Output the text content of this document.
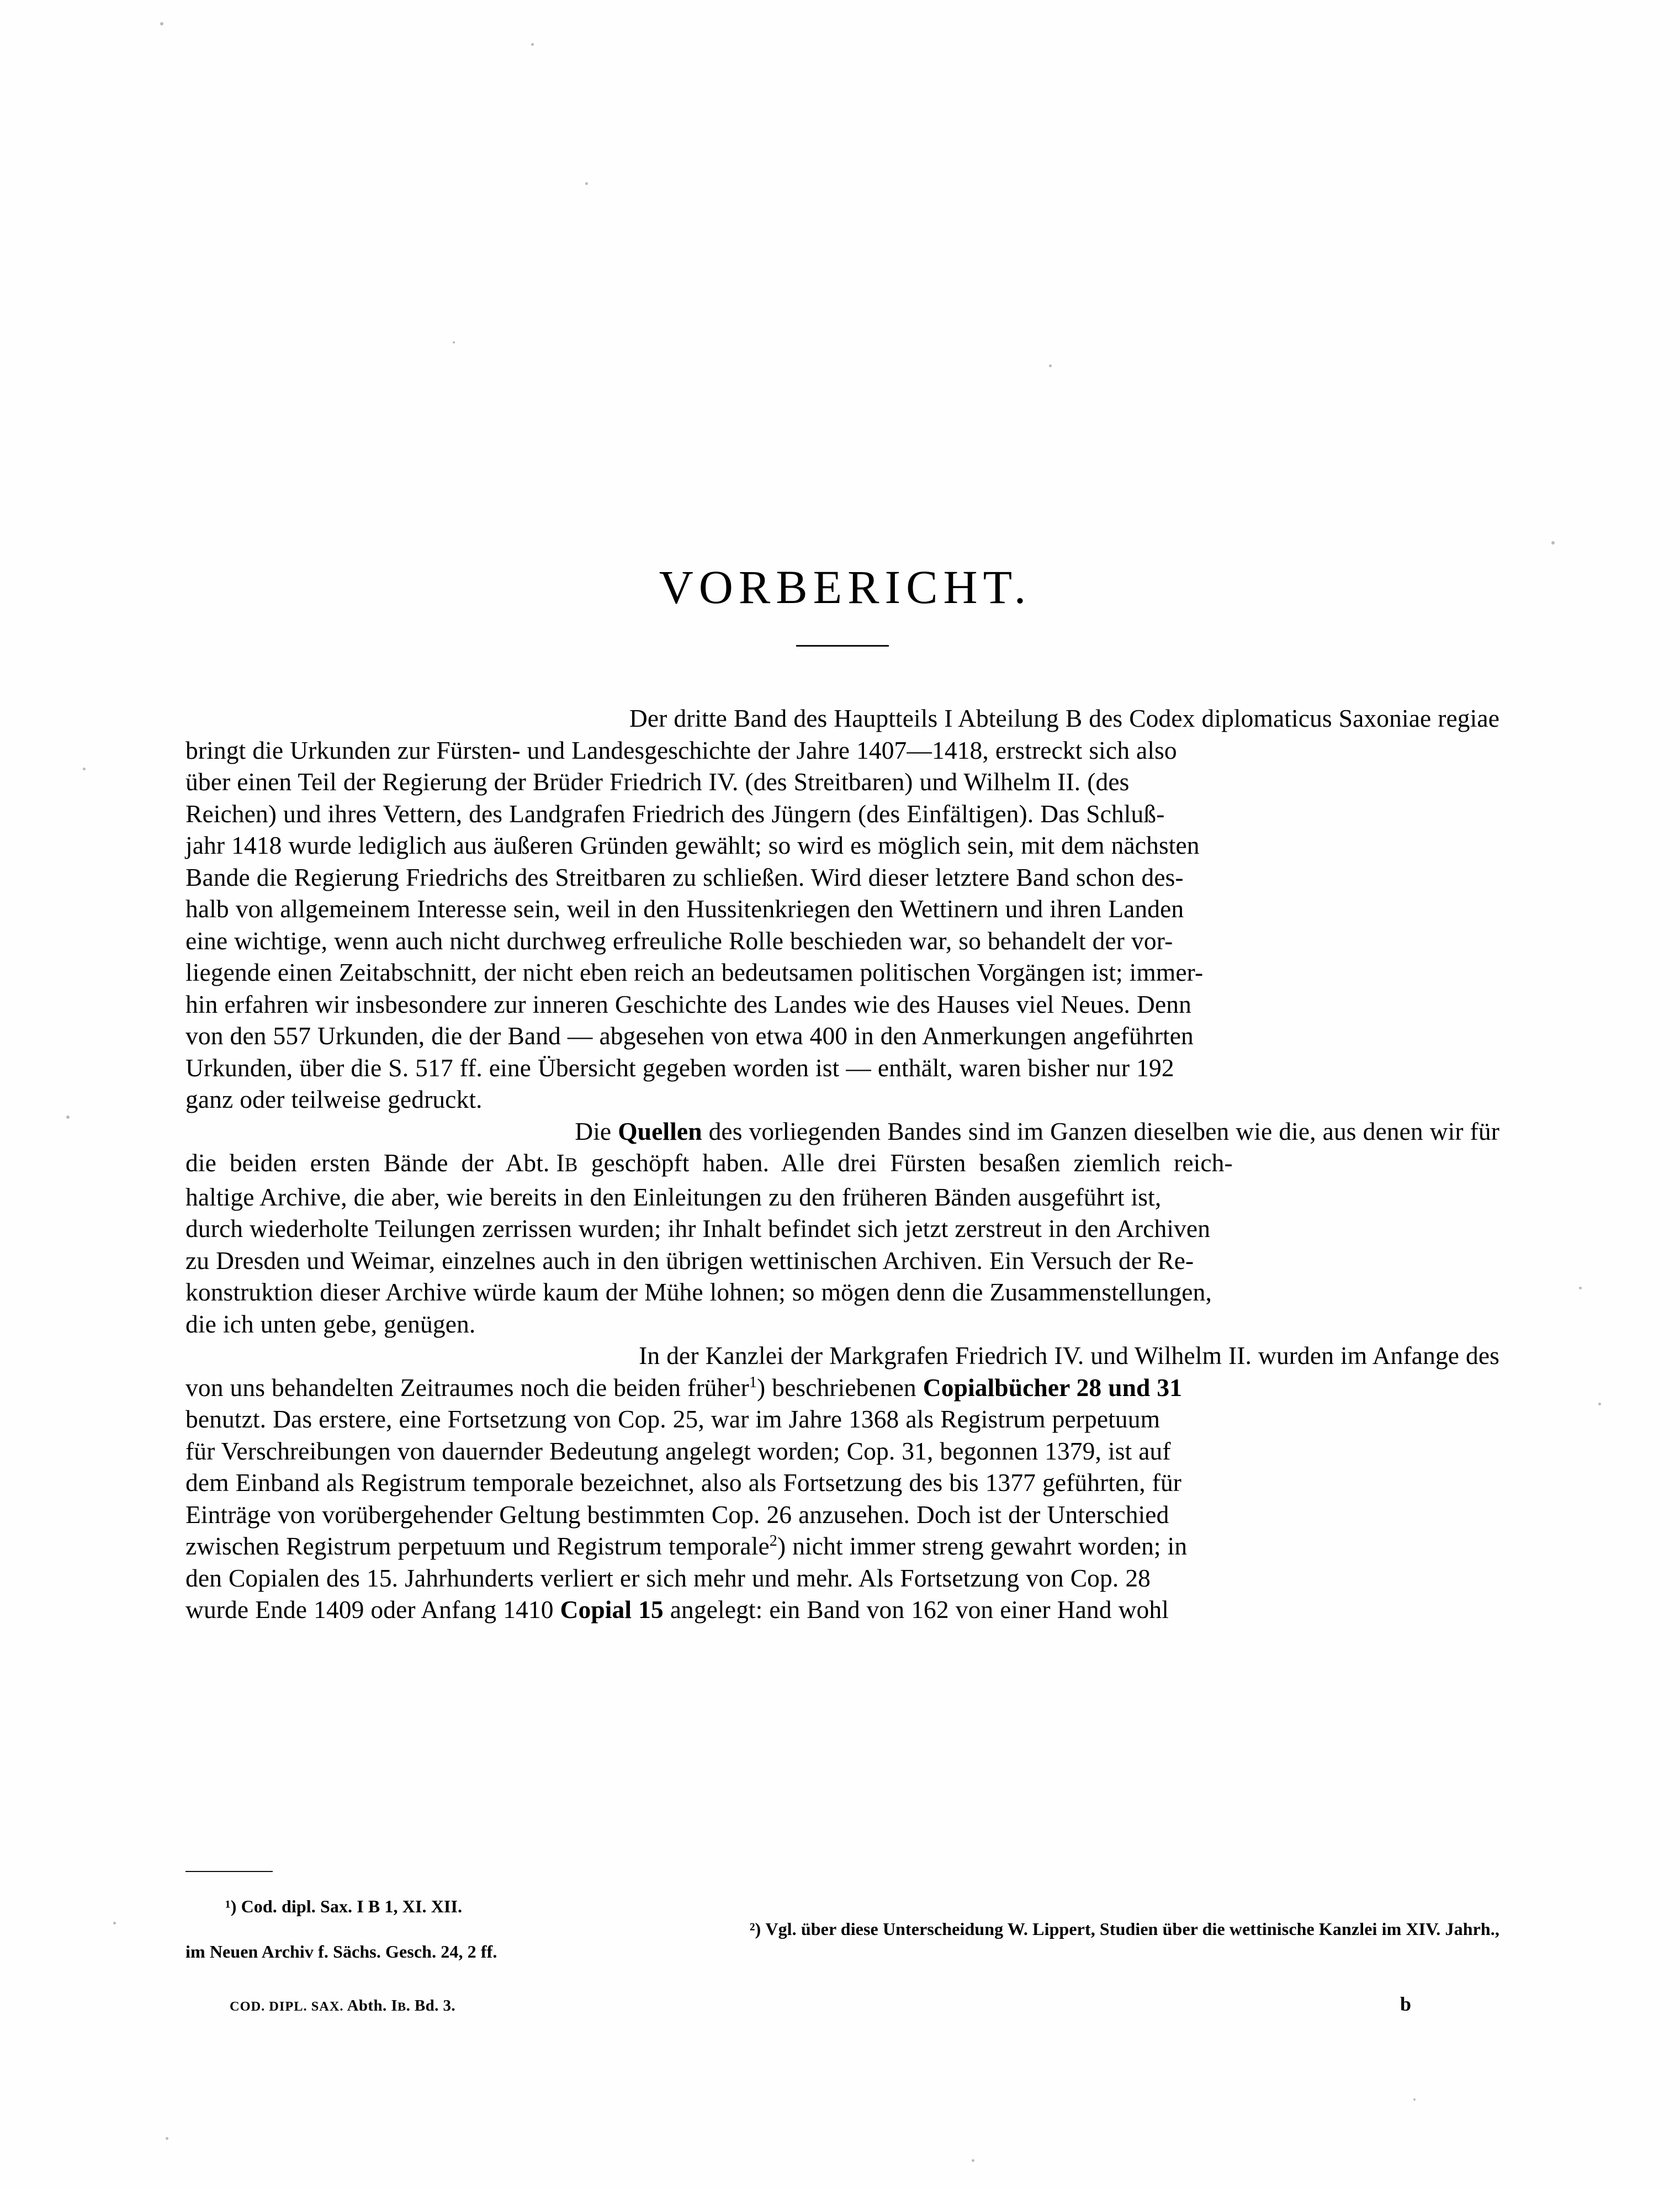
VORBERICHT.

Der dritte Band des Hauptteils I Abteilung B des Codex diplomaticus Saxoniae regiae
bringt die Urkunden zur Fürsten- und Landesgeschichte der Jahre 1407—1418, erstreckt sich also
über einen Teil der Regierung der Brüder Friedrich IV. (des Streitbaren) und Wilhelm II. (des
Reichen) und ihres Vettern, des Landgrafen Friedrich des Jüngern (des Einfältigen). Das Schluß-
jahr 1418 wurde lediglich aus äußeren Gründen gewählt; so wird es möglich sein, mit dem nächsten
Bande die Regierung Friedrichs des Streitbaren zu schließen. Wird dieser letztere Band schon des-
halb von allgemeinem Interesse sein, weil in den Hussitenkriegen den Wettinern und ihren Landen
eine wichtige, wenn auch nicht durchweg erfreuliche Rolle beschieden war, so behandelt der vor-
liegende einen Zeitabschnitt, der nicht eben reich an bedeutsamen politischen Vorgängen ist; immer-
hin erfahren wir insbesondere zur inneren Geschichte des Landes wie des Hauses viel Neues. Denn
von den 557 Urkunden, die der Band — abgesehen von etwa 400 in den Anmerkungen angeführten
Urkunden, über die S. 517 ff. eine Übersicht gegeben worden ist — enthält, waren bisher nur 192
ganz oder teilweise gedruckt.

Die Quellen des vorliegenden Bandes sind im Ganzen dieselben wie die, aus denen wir für
die  beiden  ersten  Bände  der  Abt. IB  geschöpft  haben.  Alle  drei  Fürsten  besaßen  ziemlich  reich-
haltige Archive, die aber, wie bereits in den Einleitungen zu den früheren Bänden ausgeführt ist,
durch wiederholte Teilungen zerrissen wurden; ihr Inhalt befindet sich jetzt zerstreut in den Archiven
zu Dresden und Weimar, einzelnes auch in den übrigen wettinischen Archiven. Ein Versuch der Re-
konstruktion dieser Archive würde kaum der Mühe lohnen; so mögen denn die Zusammenstellungen,
die ich unten gebe, genügen.

In der Kanzlei der Markgrafen Friedrich IV. und Wilhelm II. wurden im Anfange des
von uns behandelten Zeitraumes noch die beiden früher$^1$) beschriebenen Copialbücher 28 und 31
benutzt. Das erstere, eine Fortsetzung von Cop. 25, war im Jahre 1368 als Registrum perpetuum
für Verschreibungen von dauernder Bedeutung angelegt worden; Cop. 31, begonnen 1379, ist auf
dem Einband als Registrum temporale bezeichnet, also als Fortsetzung des bis 1377 geführten, für
Einträge von vorübergehender Geltung bestimmten Cop. 26 anzusehen. Doch ist der Unterschied
zwischen Registrum perpetuum und Registrum temporale$^2$) nicht immer streng gewahrt worden; in
den Copialen des 15. Jahrhunderts verliert er sich mehr und mehr. Als Fortsetzung von Cop. 28
wurde Ende 1409 oder Anfang 1410 Copial 15 angelegt: ein Band von 162 von einer Hand wohl

¹) Cod. dipl. Sax. I B 1, XI. XII.

²) Vgl. über diese Unterscheidung W. Lippert, Studien über die wettinische Kanzlei im XIV. Jahrh.,
im Neuen Archiv f. Sächs. Gesch. 24, 2 ff.

COD. DIPL. SAX. Abth. IB. Bd. 3.	b
